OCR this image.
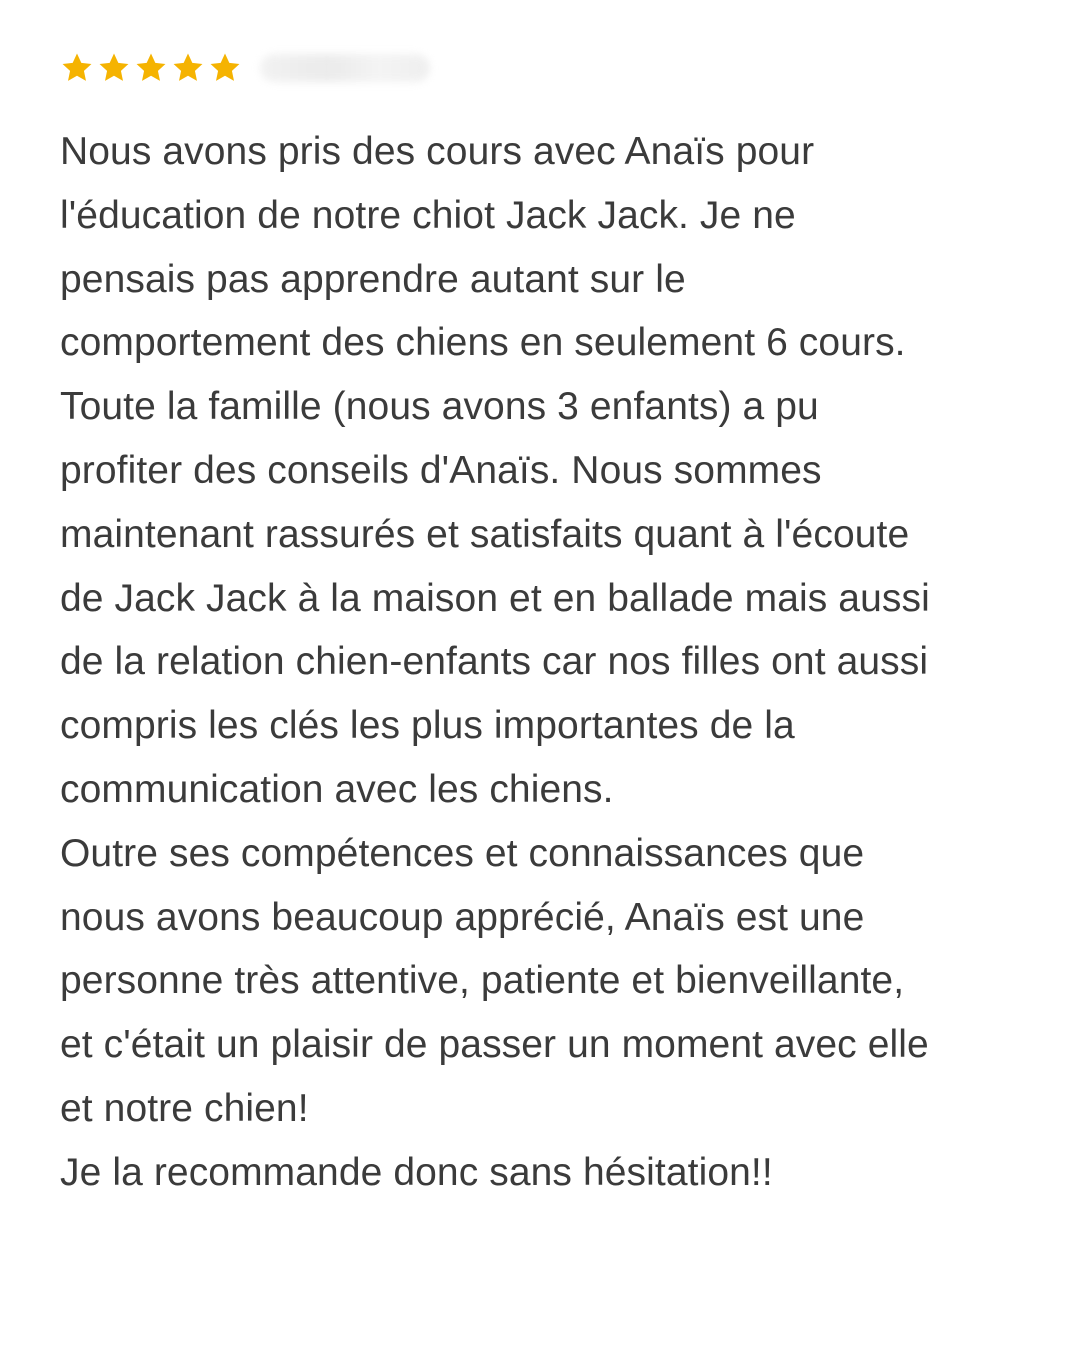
Nous avons pris des cours avec Anaïs pour
l'éducation de notre chiot Jack Jack. Je ne
pensais pas apprendre autant sur le
comportement des chiens en seulement 6 cours.
Toute la famille (nous avons 3 enfants) a pu
profiter des conseils d'Anaïs. Nous sommes
maintenant rassurés et satisfaits quant à l'écoute
de Jack Jack à la maison et en ballade mais aussi
de la relation chien-enfants car nos filles ont aussi
compris les clés les plus importantes de la
communication avec les chiens.
Outre ses compétences et connaissances que
nous avons beaucoup apprécié, Anaïs est une
personne très attentive, patiente et bienveillante,
et c'était un plaisir de passer un moment avec elle
et notre chien!
Je la recommande donc sans hésitation!!
